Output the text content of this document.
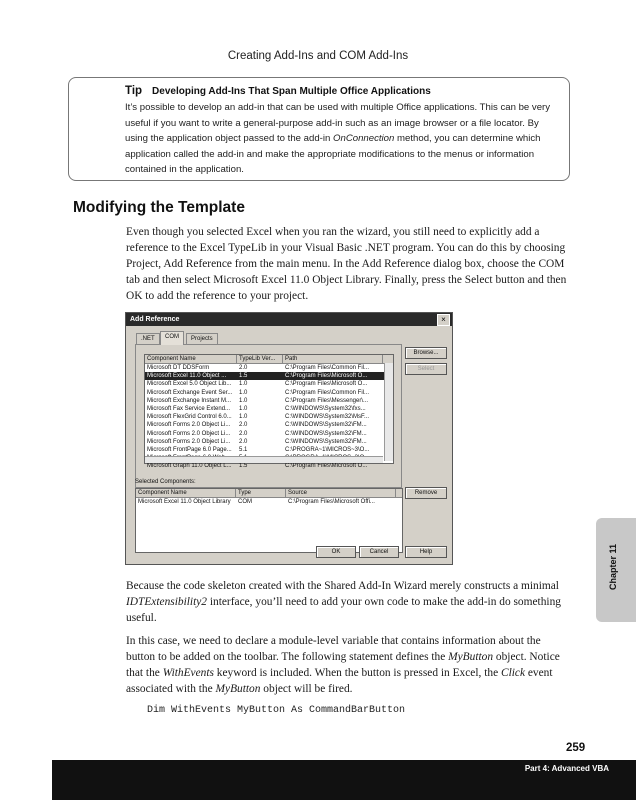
Creating Add-Ins and COM Add-Ins
Tip Developing Add-Ins That Span Multiple Office Applications
It’s possible to develop an add-in that can be used with multiple Office applications. This can be very useful if you want to write a general-purpose add-in such as an image browser or a file locator. By using the application object passed to the add-in OnConnection method, you can determine which application called the add-in and make the appropriate modifications to the menus or information contained in the application.
Modifying the Template
Even though you selected Excel when you ran the wizard, you still need to explicitly add a reference to the Excel TypeLib in your Visual Basic .NET program. You can do this by choosing Project, Add Reference from the main menu. In the Add Reference dialog box, choose the COM tab and then select Microsoft Excel 11.0 Object Library. Finally, press the Select button and then OK to add the reference to your project.
Add Reference	×
.NET	COM	Projects
Component Name	TypeLib Ver...	Path
Microsoft DT DDSForm	2.0	C:\Program Files\Common Fil...
Microsoft Excel 11.0 Object ...	1.5	C:\Program Files\Microsoft O...
Microsoft Excel 5.0 Object Lib...	1.0	C:\Program Files\Microsoft O...
Microsoft Exchange Event Ser...	1.0	C:\Program Files\Common Fil...
Microsoft Exchange Instant M...	1.0	C:\Program Files\Messenger\...
Microsoft Fax Service Extend...	1.0	C:\WINDOWS\System32\fxs...
Microsoft FlexGrid Control 6.0...	1.0	C:\WINDOWS\System32\MsF...
Microsoft Forms 2.0 Object Li...	2.0	C:\WINDOWS\System32\FM...
Microsoft Forms 2.0 Object Li...	2.0	C:\WINDOWS\System32\FM...
Microsoft Forms 2.0 Object Li...	2.0	C:\WINDOWS\System32\FM...
Microsoft FrontPage 6.0 Page...	5.1	C:\PROGRA~1\MICROS~3\O...
Microsoft Graph 11.0 Object L...	1.5	C:\Program Files\Microsoft O...
Browse...
Select
Selected Components:
Component Name	Type	Source
Microsoft Excel 11.0 Object Library	COM	C:\Program Files\Microsoft Offi...
Remove
OK	Cancel	Help
Because the code skeleton created with the Shared Add-In Wizard merely constructs a minimal IDTExtensibility2 interface, you’ll need to add your own code to make the add-in do something useful.
In this case, we need to declare a module-level variable that contains information about the button to be added on the toolbar. The following statement defines the MyButton object. Notice that the WithEvents keyword is included. When the button is pressed in Excel, the Click event associated with the MyButton object will be fired.
Dim WithEvents MyButton As CommandBarButton
Chapter 11
259
Part 4: Advanced VBA
